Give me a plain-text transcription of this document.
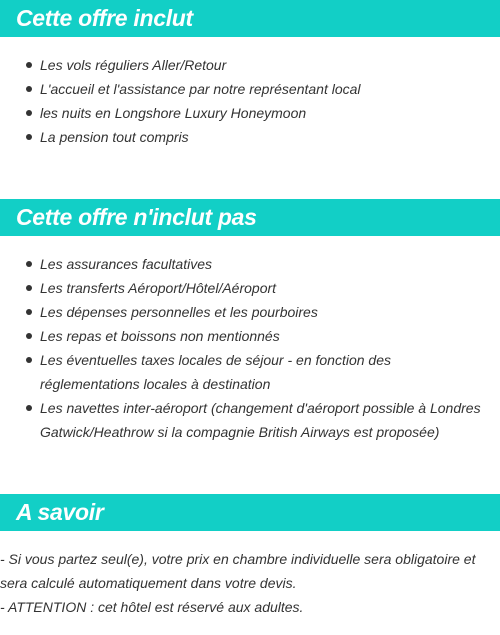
Cette offre inclut
Les vols réguliers Aller/Retour
L'accueil et l'assistance par notre représentant local
les nuits en Longshore Luxury Honeymoon
La pension tout compris
Cette offre n'inclut pas
Les assurances facultatives
Les transferts Aéroport/Hôtel/Aéroport
Les dépenses personnelles et les pourboires
Les repas et boissons non mentionnés
Les éventuelles taxes locales de séjour - en fonction des réglementations locales à destination
Les navettes inter-aéroport (changement d'aéroport possible à Londres Gatwick/Heathrow si la compagnie British Airways est proposée)
A savoir

- Si vous partez seul(e), votre prix en chambre individuelle sera obligatoire et sera calculé automatiquement dans votre devis.

- ATTENTION : cet hôtel est réservé aux adultes.
